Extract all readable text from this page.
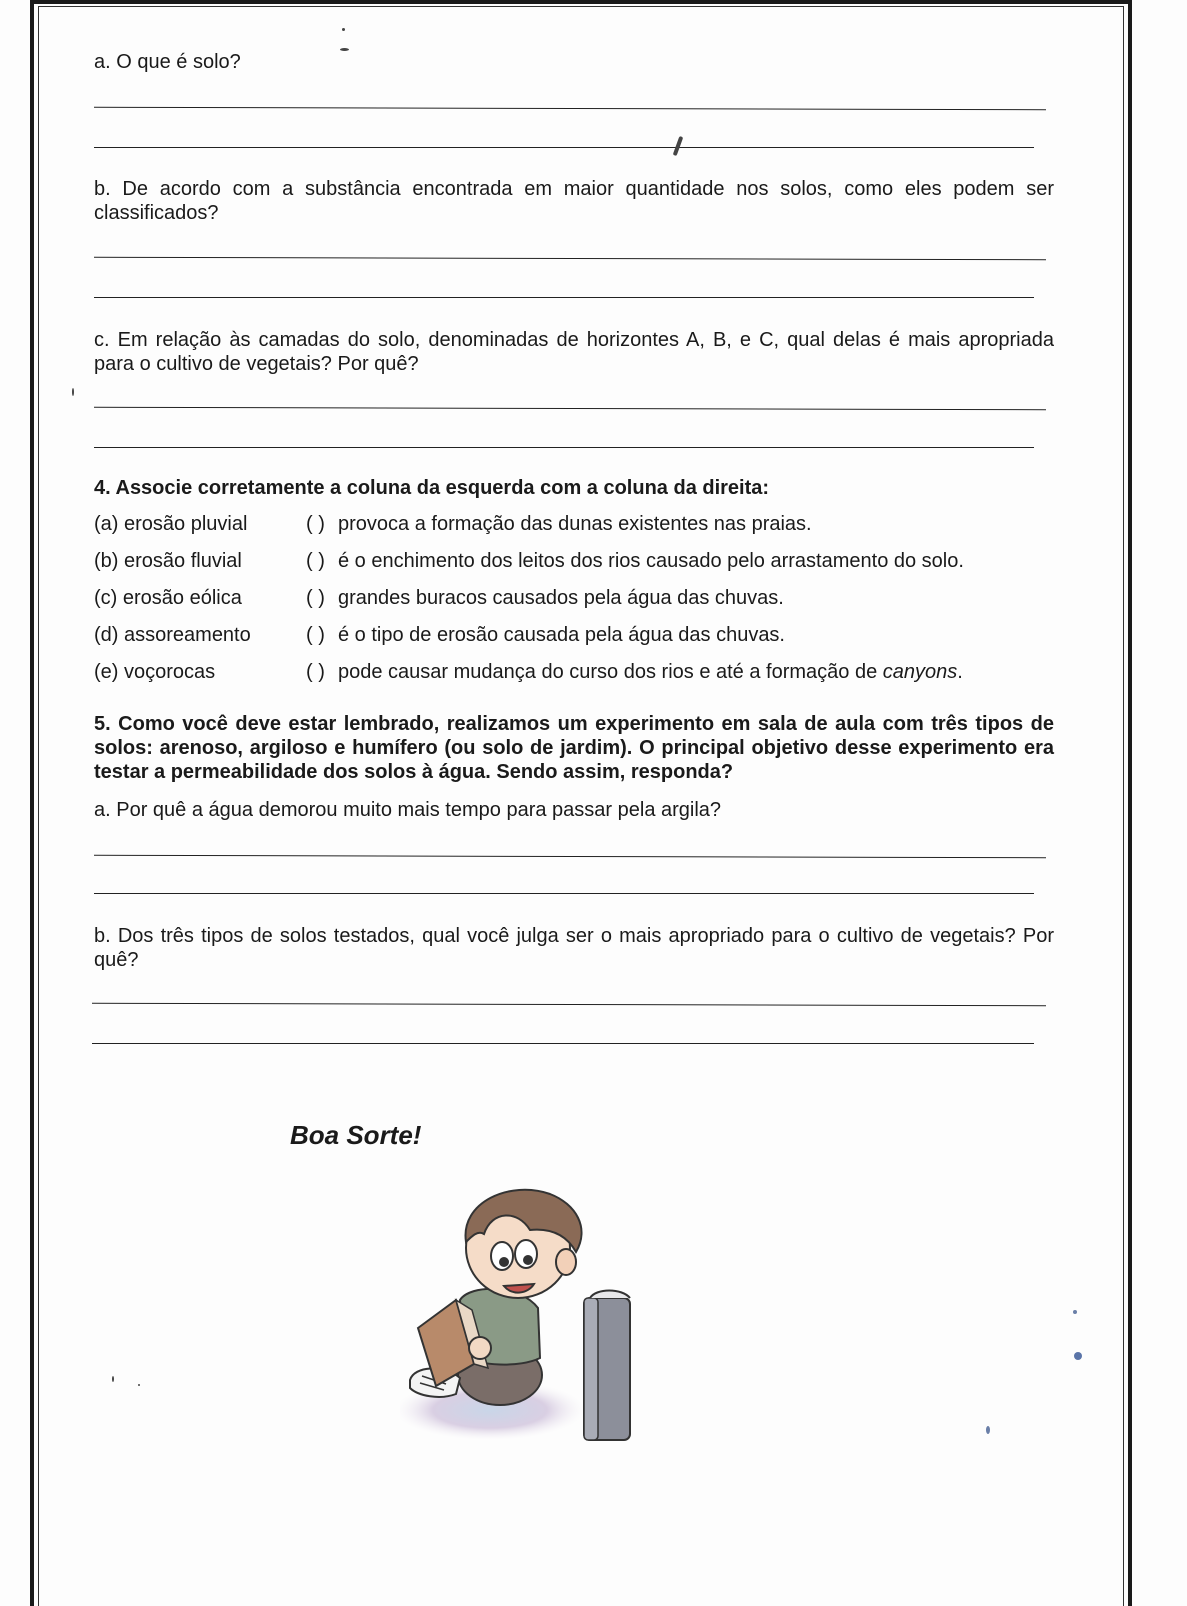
a. O que é solo?
b. De acordo com a substância encontrada em maior quantidade nos solos, como eles podem ser classificados?
c. Em relação às camadas do solo, denominadas de horizontes A, B, e C, qual delas é mais apropriada para o cultivo de vegetais? Por quê?
4. Associe corretamente a coluna da esquerda com a coluna da direita:
(a) erosão pluvial	( ) provoca a formação das dunas existentes nas praias.
(b) erosão fluvial	( ) é o enchimento dos leitos dos rios causado pelo arrastamento do solo.
(c) erosão eólica	( ) grandes buracos causados pela água das chuvas.
(d) assoreamento	( ) é o tipo de erosão causada pela água das chuvas.
(e) voçorocas	( ) pode causar mudança do curso dos rios e até a formação de canyons.
5. Como você deve estar lembrado, realizamos um experimento em sala de aula com três tipos de solos: arenoso, argiloso e humífero (ou solo de jardim). O principal objetivo desse experimento era testar a permeabilidade dos solos à água. Sendo assim, responda?
a. Por quê a água demorou muito mais tempo para passar pela argila?
b. Dos três tipos de solos testados, qual você julga ser o mais apropriado para o cultivo de vegetais? Por quê?
Boa Sorte!
